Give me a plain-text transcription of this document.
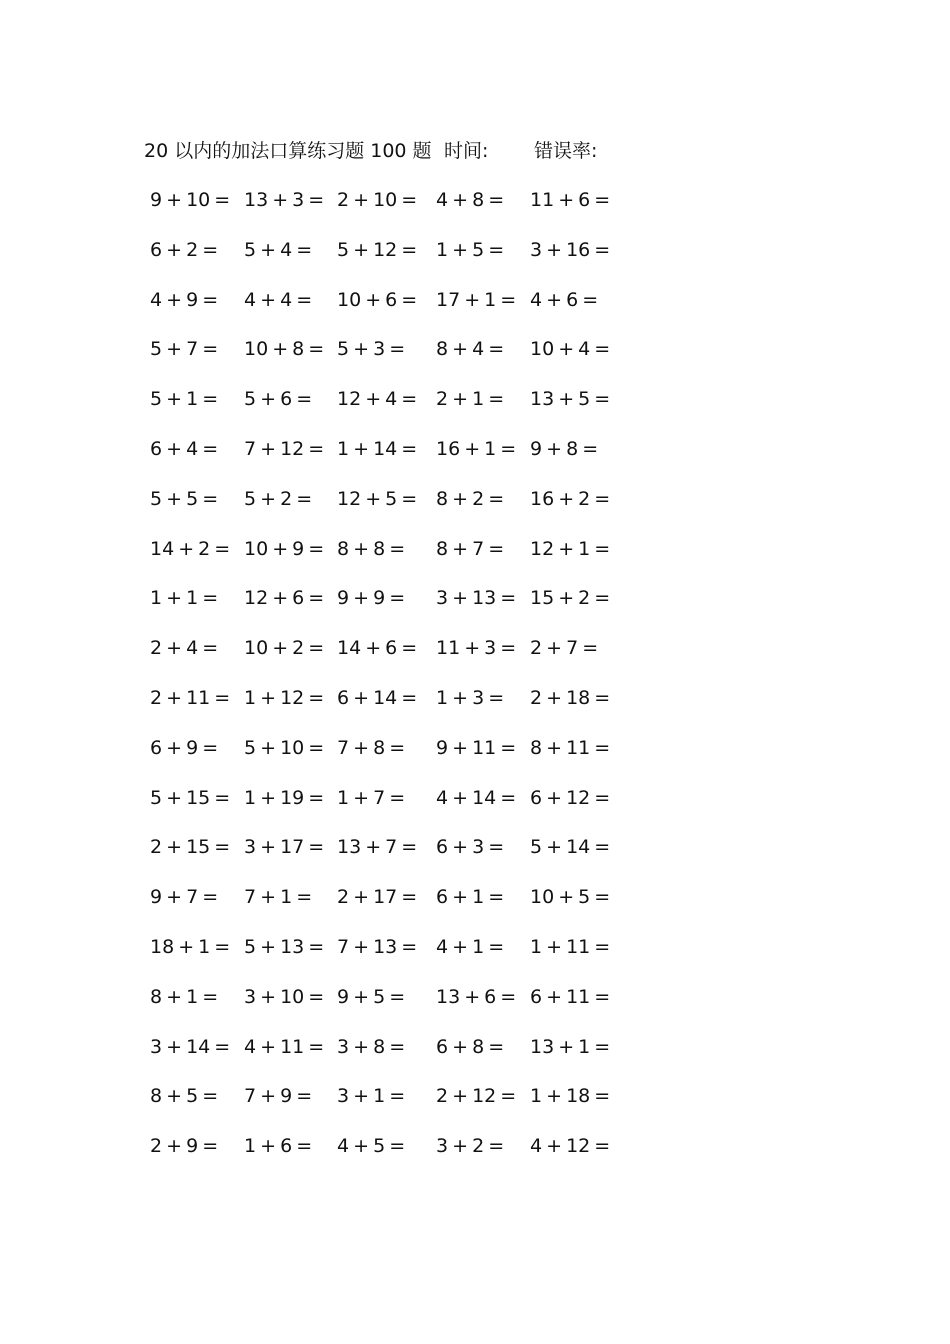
20 以内的加法口算练习题 100 题 时间: 错误率:
9 + 10 = 13 + 3 = 2 + 10 = 4 + 8 = 11 + 6 =
6 + 2 = 5 + 4 = 5 + 12 = 1 + 5 = 3 + 16 =
4 + 9 = 4 + 4 = 10 + 6 = 17 + 1 = 4 + 6 =
5 + 7 = 10 + 8 = 5 + 3 = 8 + 4 = 10 + 4 =
5 + 1 = 5 + 6 = 12 + 4 = 2 + 1 = 13 + 5 =
6 + 4 = 7 + 12 = 1 + 14 = 16 + 1 = 9 + 8 =
5 + 5 = 5 + 2 = 12 + 5 = 8 + 2 = 16 + 2 =
14 + 2 = 10 + 9 = 8 + 8 = 8 + 7 = 12 + 1 =
1 + 1 = 12 + 6 = 9 + 9 = 3 + 13 = 15 + 2 =
2 + 4 = 10 + 2 = 14 + 6 = 11 + 3 = 2 + 7 =
2 + 11 = 1 + 12 = 6 + 14 = 1 + 3 = 2 + 18 =
6 + 9 = 5 + 10 = 7 + 8 = 9 + 11 = 8 + 11 =
5 + 15 = 1 + 19 = 1 + 7 = 4 + 14 = 6 + 12 =
2 + 15 = 3 + 17 = 13 + 7 = 6 + 3 = 5 + 14 =
9 + 7 = 7 + 1 = 2 + 17 = 6 + 1 = 10 + 5 =
18 + 1 = 5 + 13 = 7 + 13 = 4 + 1 = 1 + 11 =
8 + 1 = 3 + 10 = 9 + 5 = 13 + 6 = 6 + 11 =
3 + 14 = 4 + 11 = 3 + 8 = 6 + 8 = 13 + 1 =
8 + 5 = 7 + 9 = 3 + 1 = 2 + 12 = 1 + 18 =
2 + 9 = 1 + 6 = 4 + 5 = 3 + 2 = 4 + 12 =
